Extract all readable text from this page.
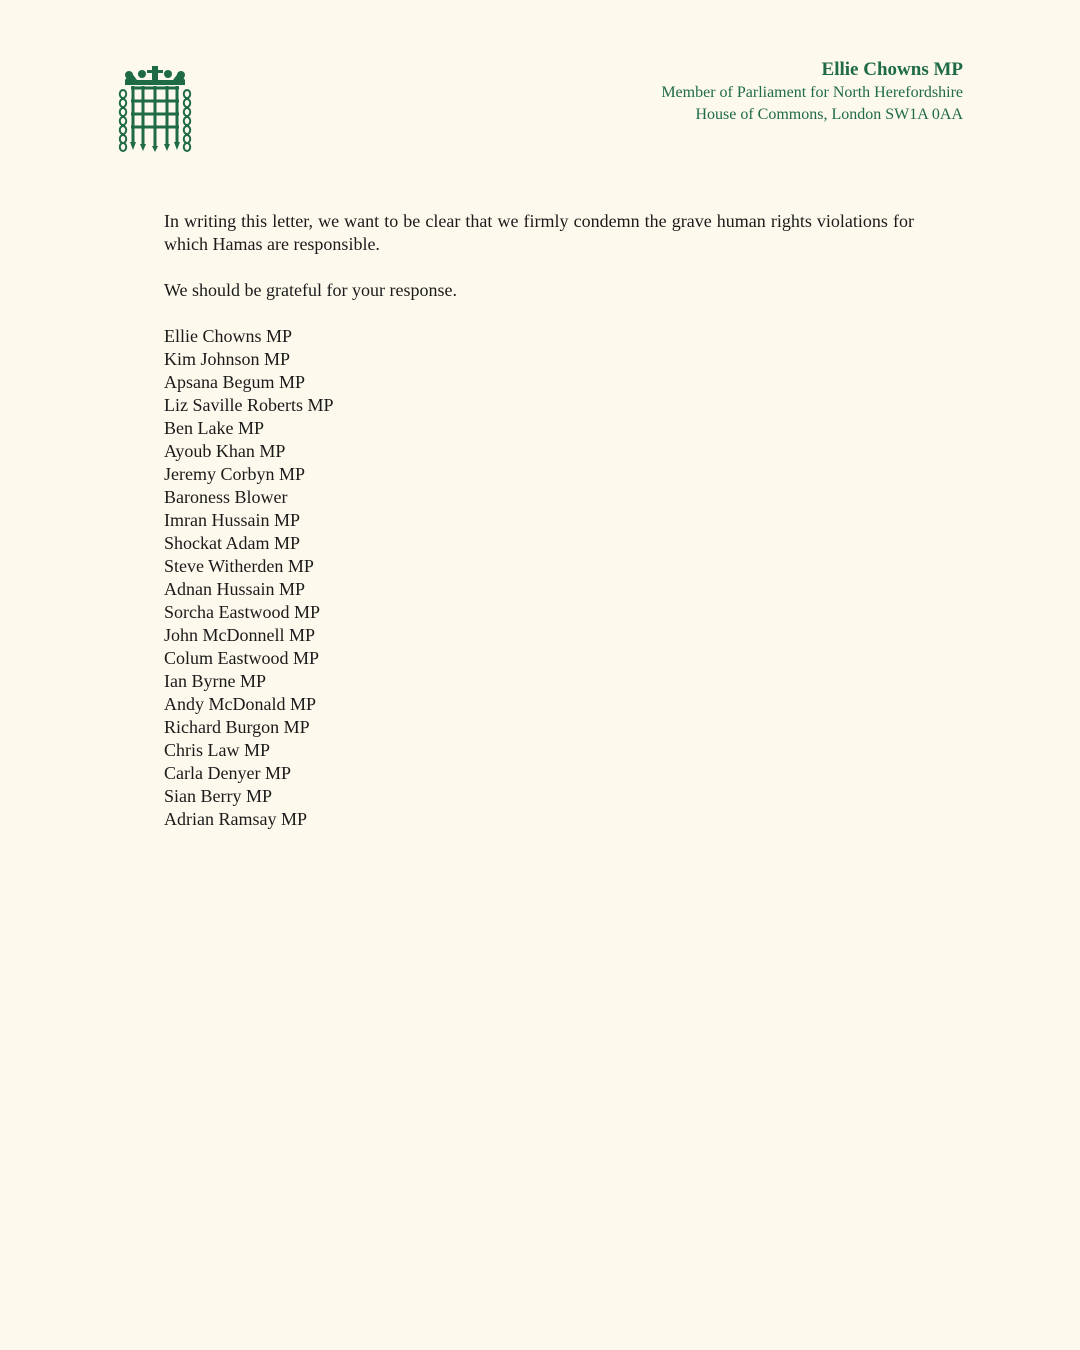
Ellie Chowns MP
Member of Parliament for North Herefordshire
House of Commons, London SW1A 0AA

In writing this letter, we want to be clear that we firmly condemn the grave human rights violations for which Hamas are responsible.

We should be grateful for your response.

Ellie Chowns MP
Kim Johnson MP
Apsana Begum MP
Liz Saville Roberts MP
Ben Lake MP
Ayoub Khan MP
Jeremy Corbyn MP
Baroness Blower
Imran Hussain MP
Shockat Adam MP
Steve Witherden MP
Adnan Hussain MP
Sorcha Eastwood MP
John McDonnell MP
Colum Eastwood MP
Ian Byrne MP
Andy McDonald MP
Richard Burgon MP
Chris Law MP
Carla Denyer MP
Sian Berry MP
Adrian Ramsay MP
